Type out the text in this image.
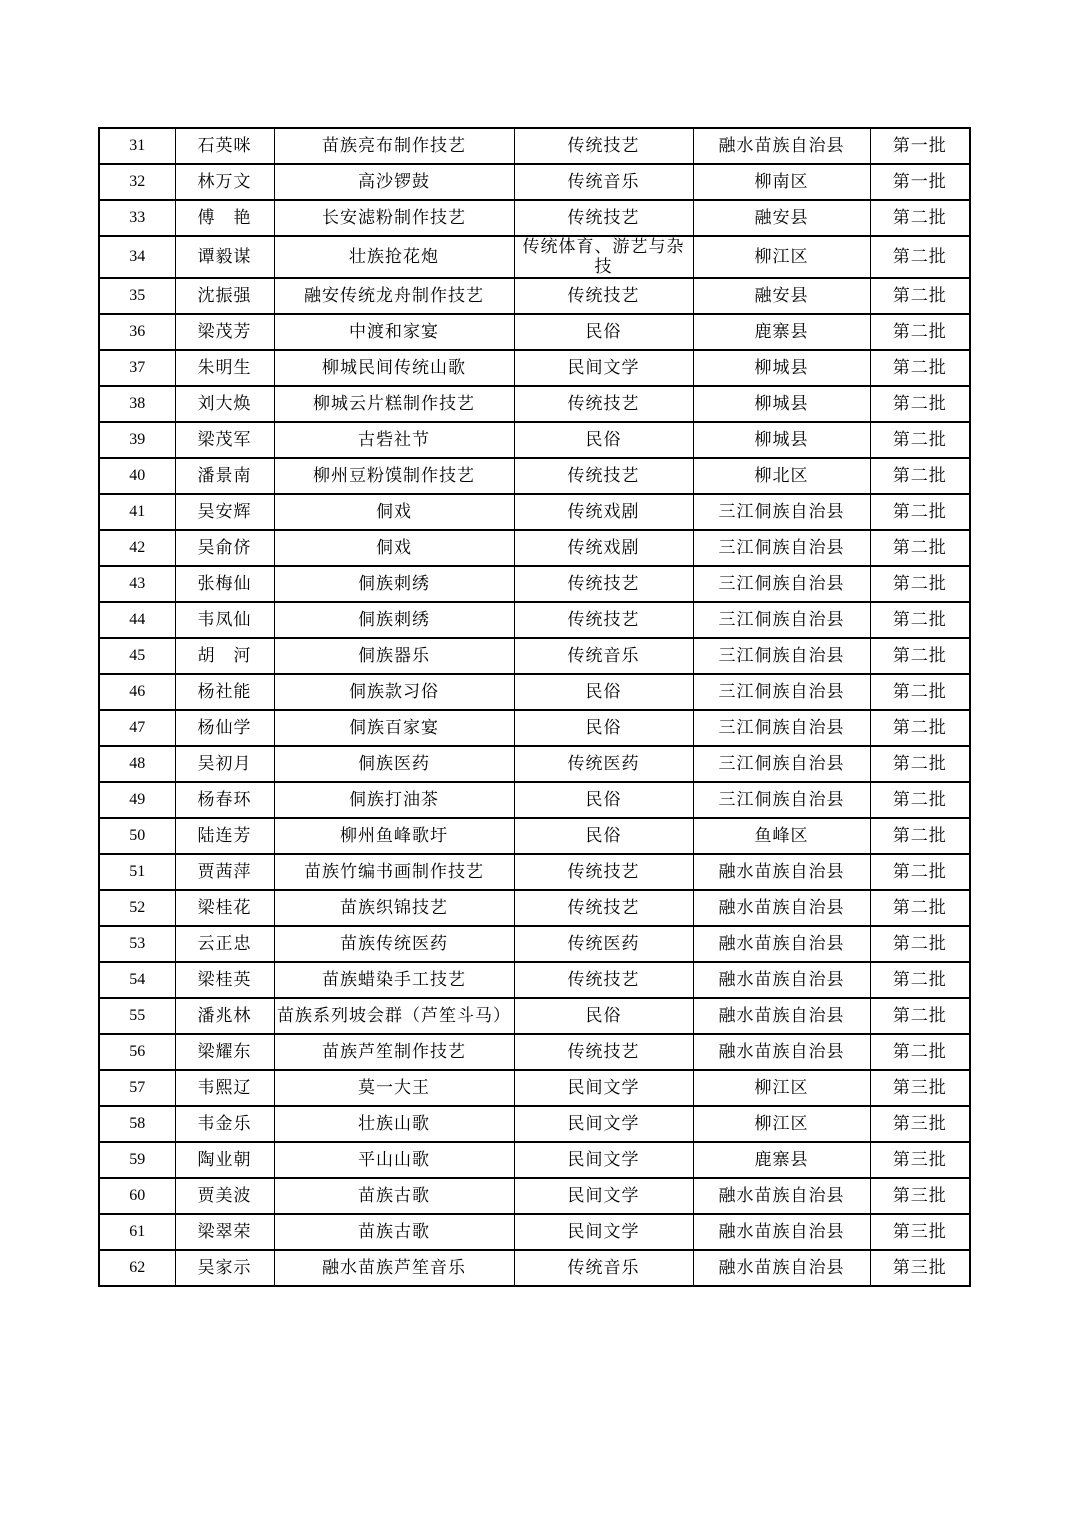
31	石英咪	苗族亮布制作技艺	传统技艺	融水苗族自治县	第一批

32	林万文	高沙锣鼓	传统音乐	柳南区	第一批

33	傅　艳	长安滤粉制作技艺	传统技艺	融安县	第二批

34	谭毅谋	壮族抢花炮	传统体育、游艺与杂技	柳江区	第二批

35	沈振强	融安传统龙舟制作技艺	传统技艺	融安县	第二批

36	梁茂芳	中渡和家宴	民俗	鹿寨县	第二批

37	朱明生	柳城民间传统山歌	民间文学	柳城县	第二批

38	刘大焕	柳城云片糕制作技艺	传统技艺	柳城县	第二批

39	梁茂军	古砦社节	民俗	柳城县	第二批

40	潘景南	柳州豆粉馍制作技艺	传统技艺	柳北区	第二批

41	吴安辉	侗戏	传统戏剧	三江侗族自治县	第二批

42	吴俞侪	侗戏	传统戏剧	三江侗族自治县	第二批

43	张梅仙	侗族刺绣	传统技艺	三江侗族自治县	第二批

44	韦凤仙	侗族刺绣	传统技艺	三江侗族自治县	第二批

45	胡　河	侗族器乐	传统音乐	三江侗族自治县	第二批

46	杨社能	侗族款习俗	民俗	三江侗族自治县	第二批

47	杨仙学	侗族百家宴	民俗	三江侗族自治县	第二批

48	吴初月	侗族医药	传统医药	三江侗族自治县	第二批

49	杨春环	侗族打油茶	民俗	三江侗族自治县	第二批

50	陆连芳	柳州鱼峰歌圩	民俗	鱼峰区	第二批

51	贾茜萍	苗族竹编书画制作技艺	传统技艺	融水苗族自治县	第二批

52	梁桂花	苗族织锦技艺	传统技艺	融水苗族自治县	第二批

53	云正忠	苗族传统医药	传统医药	融水苗族自治县	第二批

54	梁桂英	苗族蜡染手工技艺	传统技艺	融水苗族自治县	第二批

55	潘兆林	苗族系列坡会群（芦笙斗马）	民俗	融水苗族自治县	第二批

56	梁耀东	苗族芦笙制作技艺	传统技艺	融水苗族自治县	第二批

57	韦熙辽	莫一大王	民间文学	柳江区	第三批

58	韦金乐	壮族山歌	民间文学	柳江区	第三批

59	陶业朝	平山山歌	民间文学	鹿寨县	第三批

60	贾美波	苗族古歌	民间文学	融水苗族自治县	第三批

61	梁翠荣	苗族古歌	民间文学	融水苗族自治县	第三批

62	吴家示	融水苗族芦笙音乐	传统音乐	融水苗族自治县	第三批
